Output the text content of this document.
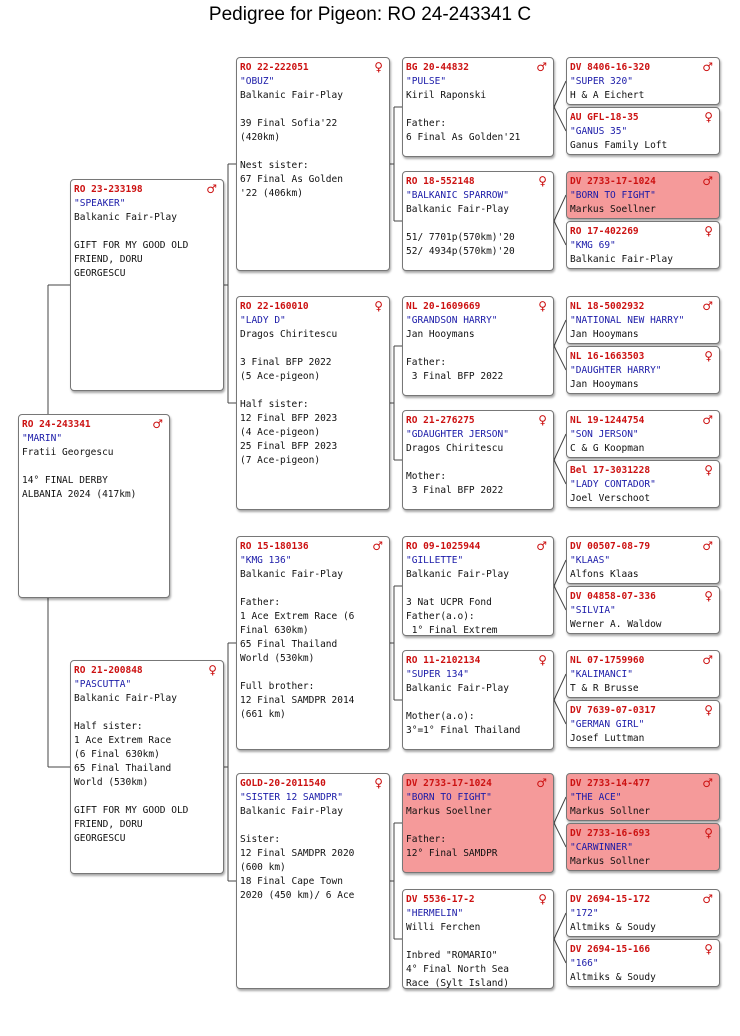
Pedigree for Pigeon: RO 24-243341 C
RO 24-243341	♂
"MARIN"
Fratii Georgescu
14° FINAL DERBY
ALBANIA 2024 (417km)
RO 23-233198	♂
"SPEAKER"
Balkanic Fair-Play
GIFT FOR MY GOOD OLD
FRIEND, DORU
GEORGESCU
RO 21-200848	♀
"PASCUTTA"
Balkanic Fair-Play
Half sister:
1 Ace Extrem Race
(6 Final 630km)
65 Final Thailand
World (530km)

GIFT FOR MY GOOD OLD
FRIEND, DORU
GEORGESCU
RO 22-222051	♀
"OBUZ"
Balkanic Fair-Play
39 Final Sofia'22
(420km)

Nest sister:
67 Final As Golden
'22 (406km)
RO 22-160010	♀
"LADY D"
Dragos Chiritescu
3 Final BFP 2022
(5 Ace-pigeon)

Half sister:
12 Final BFP 2023
(4 Ace-pigeon)
25 Final BFP 2023
(7 Ace-pigeon)
RO 15-180136	♂
"KMG 136"
Balkanic Fair-Play
Father:
1 Ace Extrem Race (6
Final 630km)
65 Final Thailand
World (530km)

Full brother:
12 Final SAMDPR 2014
(661 km)
GOLD-20-2011540	♀
"SISTER 12 SAMDPR"
Balkanic Fair-Play
Sister:
12 Final SAMDPR 2020
(600 km)
18 Final Cape Town
2020 (450 km)/ 6 Ace
BG 20-44832	♂
"PULSE"
Kiril Raponski
Father:
6 Final As Golden'21
RO 18-552148	♀
"BALKANIC SPARROW"
Balkanic Fair-Play
51/ 7701p(570km)'20
52/ 4934p(570km)'20
NL 20-1609669	♀
"GRANDSON HARRY"
Jan Hooymans
Father:
3 Final BFP 2022
RO 21-276275	♀
"GDAUGHTER JERSON"
Dragos Chiritescu
Mother:
3 Final BFP 2022
RO 09-1025944	♂
"GILLETTE"
Balkanic Fair-Play
3 Nat UCPR Fond
Father(a.o):
1° Final Extrem
RO 11-2102134	♀
"SUPER 134"
Balkanic Fair-Play
Mother(a.o):
3°=1° Final Thailand
DV 2733-17-1024	♂
"BORN TO FIGHT"
Markus Soellner
Father:
12° Final SAMDPR
DV 5536-17-2	♀
"HERMELIN"
Willi Ferchen
Inbred "ROMARIO"
4° Final North Sea
Race (Sylt Island)
DV 8406-16-320	♂
"SUPER 320"
H & A Eichert
AU GFL-18-35	♀
"GANUS 35"
Ganus Family Loft
DV 2733-17-1024	♂
"BORN TO FIGHT"
Markus Soellner
RO 17-402269	♀
"KMG 69"
Balkanic Fair-Play
NL 18-5002932	♂
"NATIONAL NEW HARRY"
Jan Hooymans
NL 16-1663503	♀
"DAUGHTER HARRY"
Jan Hooymans
NL 19-1244754	♂
"SON JERSON"
C & G Koopman
Bel 17-3031228	♀
"LADY CONTADOR"
Joel Verschoot
DV 00507-08-79	♂
"KLAAS"
Alfons Klaas
DV 04858-07-336	♀
"SILVIA"
Werner A. Waldow
NL 07-1759960	♂
"KALIMANCI"
T & R Brusse
DV 7639-07-0317	♀
"GERMAN GIRL"
Josef Luttman
DV 2733-14-477	♂
"THE ACE"
Markus Sollner
DV 2733-16-693	♀
"CARWINNER"
Markus Sollner
DV 2694-15-172	♂
"172"
Altmiks & Soudy
DV 2694-15-166	♀
"166"
Altmiks & Soudy
